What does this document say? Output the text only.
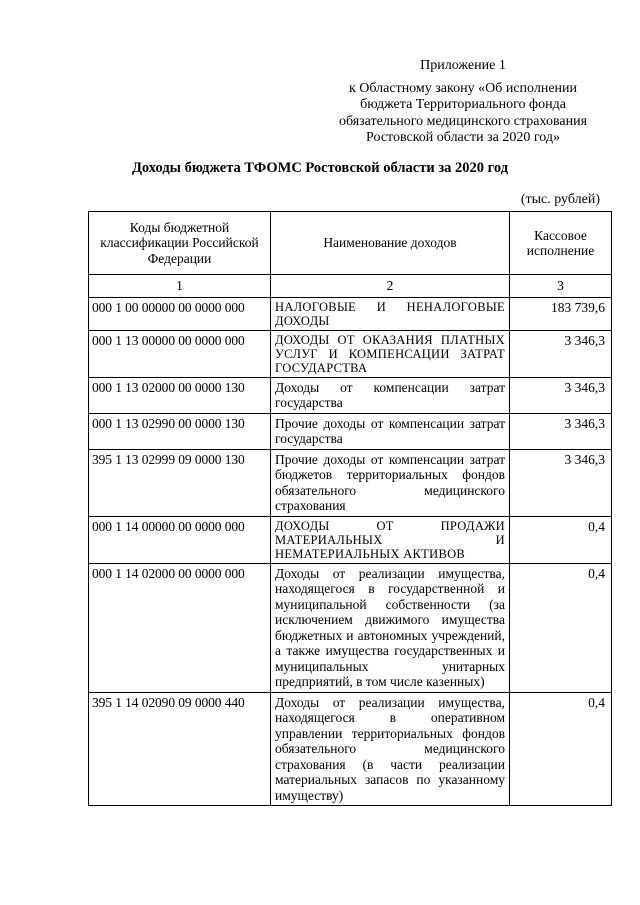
Приложение 1
к Областному закону «Об исполнении
бюджета Территориального фонда
обязательного медицинского страхования
Ростовской области за 2020 год»
Доходы бюджета ТФОМС Ростовской области за 2020 год
(тыс. рублей)
Коды бюджетной классификации Российской Федерации	Наименование доходов	Кассовое исполнение
1	2	3
000 1 00 00000 00 0000 000	НАЛОГОВЫЕ И НЕНАЛОГОВЫЕ ДОХОДЫ	183 739,6
000 1 13 00000 00 0000 000	ДОХОДЫ ОТ ОКАЗАНИЯ ПЛАТНЫХ УСЛУГ И КОМПЕНСАЦИИ ЗАТРАТ ГОСУДАРСТВА	3 346,3
000 1 13 02000 00 0000 130	Доходы от компенсации затрат государства	3 346,3
000 1 13 02990 00 0000 130	Прочие доходы от компенсации затрат государства	3 346,3
395 1 13 02999 09 0000 130	Прочие доходы от компенсации затрат бюджетов территориальных фондов обязательного медицинского страхования	3 346,3
000 1 14 00000 00 0000 000	ДОХОДЫ ОТ ПРОДАЖИ МАТЕРИАЛЬНЫХ И НЕМАТЕРИАЛЬНЫХ АКТИВОВ	0,4
000 1 14 02000 00 0000 000	Доходы от реализации имущества, находящегося в государственной и муниципальной собственности (за исключением движимого имущества бюджетных и автономных учреждений, а также имущества государственных и муниципальных унитарных предприятий, в том числе казенных)	0,4
395 1 14 02090 09 0000 440	Доходы от реализации имущества, находящегося в оперативном управлении территориальных фондов обязательного медицинского страхования (в части реализации материальных запасов по указанному имуществу)	0,4
